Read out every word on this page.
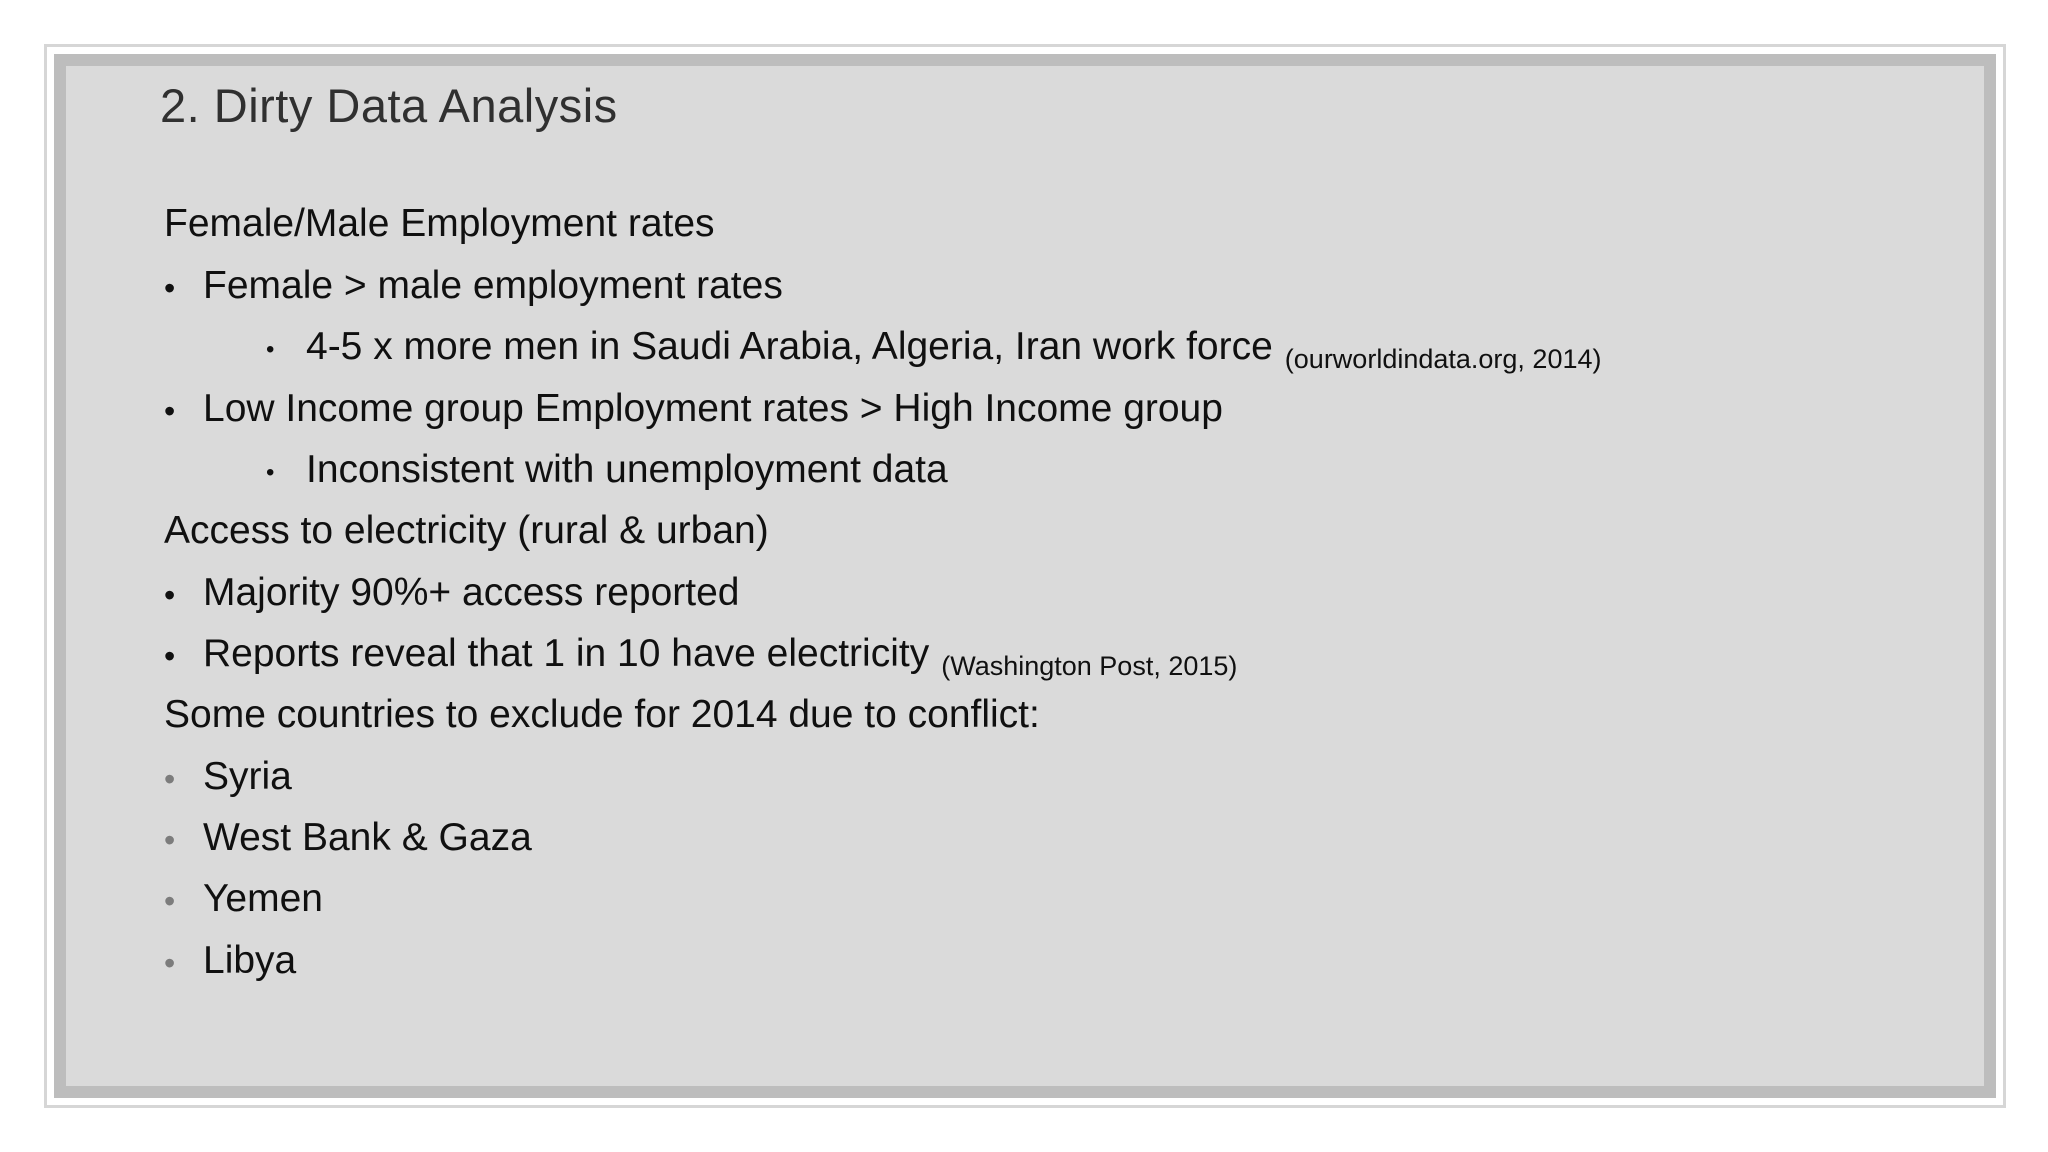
2. Dirty Data Analysis
Female/Male Employment rates
• Female > male employment rates
• 4-5 x more men in Saudi Arabia, Algeria, Iran work force $_{(ourworldindata.org, 2014)}$
• Low Income group Employment rates > High Income group
• Inconsistent with unemployment data
Access to electricity (rural & urban)
• Majority 90%+ access reported
• Reports reveal that 1 in 10 have electricity $_{(Washington Post, 2015)}$
Some countries to exclude for 2014 due to conflict:
• Syria
• West Bank & Gaza
• Yemen
• Libya
